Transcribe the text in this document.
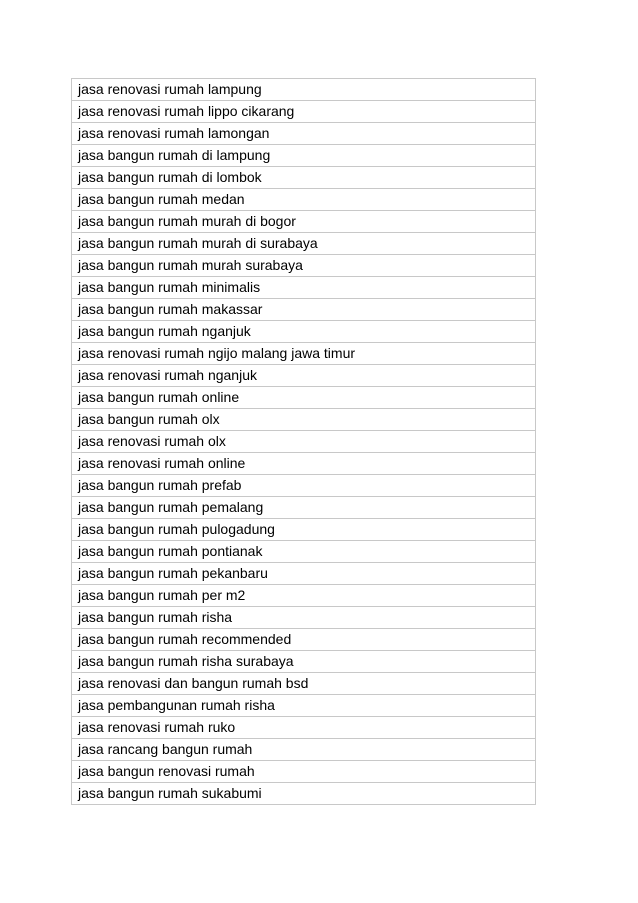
jasa renovasi rumah lampung
jasa renovasi rumah lippo cikarang
jasa renovasi rumah lamongan
jasa bangun rumah di lampung
jasa bangun rumah di lombok
jasa bangun rumah medan
jasa bangun rumah murah di bogor
jasa bangun rumah murah di surabaya
jasa bangun rumah murah surabaya
jasa bangun rumah minimalis
jasa bangun rumah makassar
jasa bangun rumah nganjuk
jasa renovasi rumah ngijo malang jawa timur
jasa renovasi rumah nganjuk
jasa bangun rumah online
jasa bangun rumah olx
jasa renovasi rumah olx
jasa renovasi rumah online
jasa bangun rumah prefab
jasa bangun rumah pemalang
jasa bangun rumah pulogadung
jasa bangun rumah pontianak
jasa bangun rumah pekanbaru
jasa bangun rumah per m2
jasa bangun rumah risha
jasa bangun rumah recommended
jasa bangun rumah risha surabaya
jasa renovasi dan bangun rumah bsd
jasa pembangunan rumah risha
jasa renovasi rumah ruko
jasa rancang bangun rumah
jasa bangun renovasi rumah
jasa bangun rumah sukabumi
